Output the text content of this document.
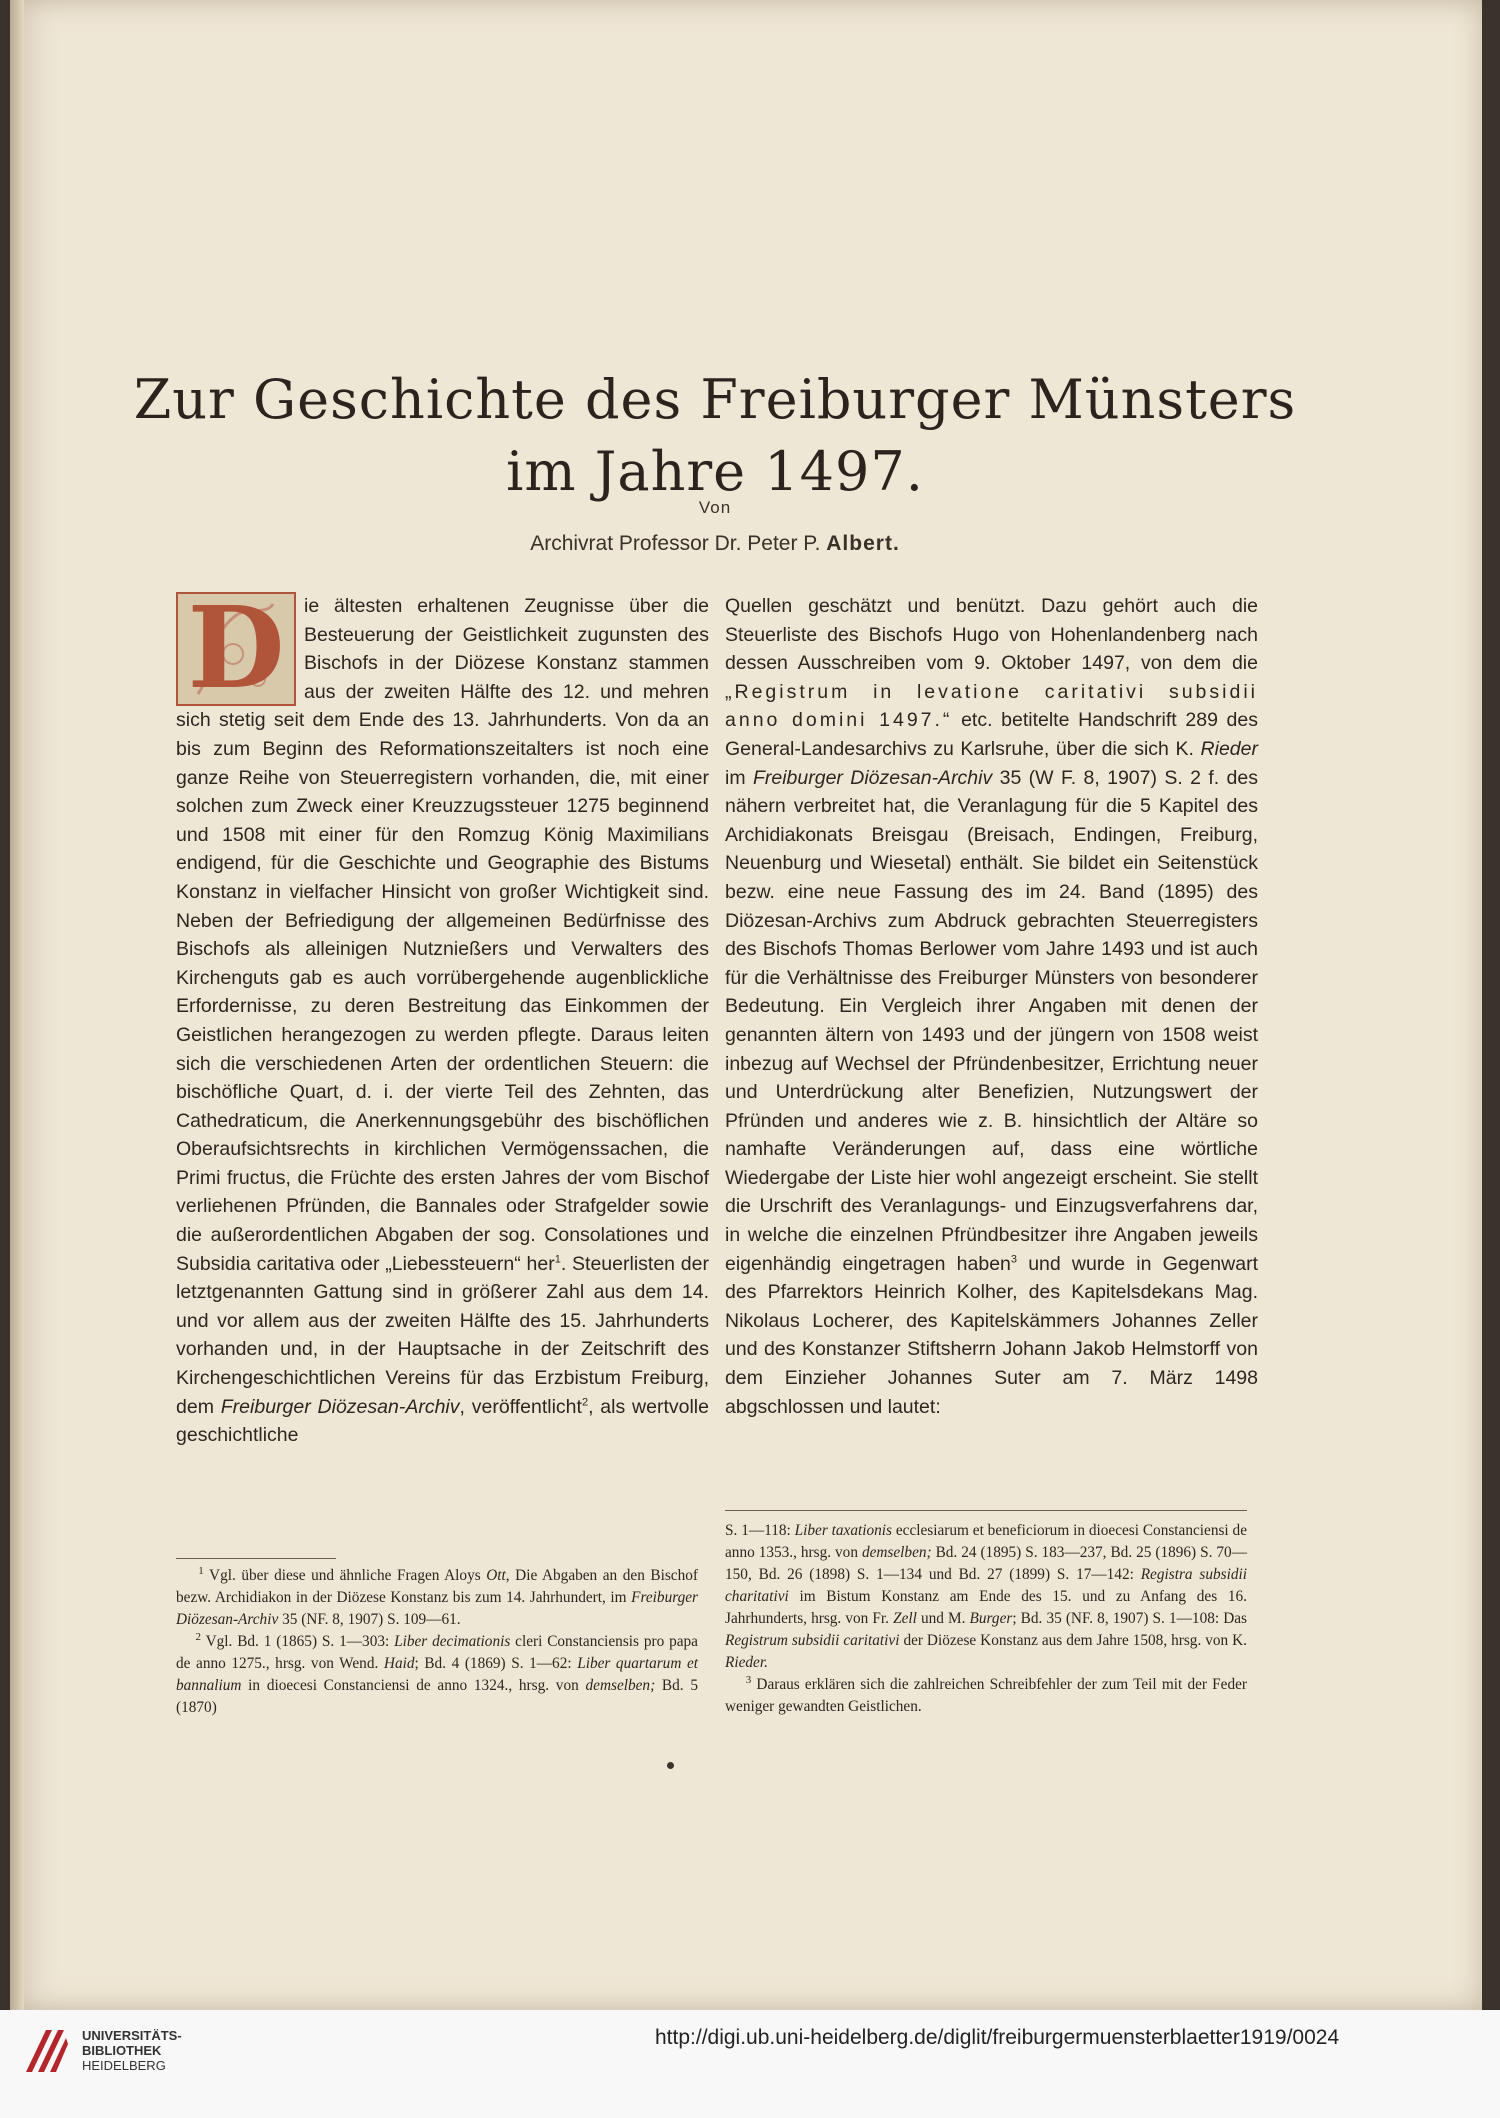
Zur Geschichte des Freiburger Münsters
im Jahre 1497.
Von
Archivrat Professor Dr. Peter P. Albert.

D ie ältesten erhaltenen Zeugnisse über die Besteuerung der Geistlichkeit zugunsten des Bischofs in der Diözese Konstanz stammen aus der zweiten Hälfte des 12. und mehren sich stetig seit dem Ende des 13. Jahrhunderts. Von da an bis zum Beginn des Reformationszeitalters ist noch eine ganze Reihe von Steuerregistern vorhanden, die, mit einer solchen zum Zweck einer Kreuzzugssteuer 1275 beginnend und 1508 mit einer für den Romzug König Maximilians endigend, für die Geschichte und Geographie des Bistums Konstanz in vielfacher Hinsicht von großer Wichtigkeit sind. Neben der Befriedigung der allgemeinen Bedürfnisse des Bischofs als alleinigen Nutznießers und Verwalters des Kirchenguts gab es auch vorrübergehende augenblickliche Erfordernisse, zu deren Bestreitung das Einkommen der Geistlichen herangezogen zu werden pflegte. Daraus leiten sich die verschiedenen Arten der ordentlichen Steuern: die bischöfliche Quart, d. i. der vierte Teil des Zehnten, das Cathedraticum, die Anerkennungsgebühr des bischöflichen Oberaufsichtsrechts in kirchlichen Vermögenssachen, die Primi fructus, die Früchte des ersten Jahres der vom Bischof verliehenen Pfründen, die Bannales oder Strafgelder sowie die außerordentlichen Abgaben der sog. Consolationes und Subsidia caritativa oder „Liebessteuern“ her$^1$. Steuerlisten der letztgenannten Gattung sind in größerer Zahl aus dem 14. und vor allem aus der zweiten Hälfte des 15. Jahrhunderts vorhanden und, in der Hauptsache in der Zeitschrift des Kirchengeschichtlichen Vereins für das Erzbistum Freiburg, dem Freiburger Diözesan-Archiv, veröffentlicht$^2$, als wertvolle geschichtliche

Quellen geschätzt und benützt. Dazu gehört auch die Steuerliste des Bischofs Hugo von Hohenlandenberg nach dessen Ausschreiben vom 9. Oktober 1497, von dem die „Registrum in levatione caritativi subsidii anno domini 1497.“ etc. betitelte Handschrift 289 des General-Landesarchivs zu Karlsruhe, über die sich K. Rieder im Freiburger Diözesan-Archiv 35 (W F. 8, 1907) S. 2 f. des nähern verbreitet hat, die Veranlagung für die 5 Kapitel des Archidiakonats Breisgau (Breisach, Endingen, Freiburg, Neuenburg und Wiesetal) enthält. Sie bildet ein Seitenstück bezw. eine neue Fassung des im 24. Band (1895) des Diözesan-Archivs zum Abdruck gebrachten Steuerregisters des Bischofs Thomas Berlower vom Jahre 1493 und ist auch für die Verhältnisse des Freiburger Münsters von besonderer Bedeutung. Ein Vergleich ihrer Angaben mit denen der genannten ältern von 1493 und der jüngern von 1508 weist inbezug auf Wechsel der Pfründenbesitzer, Errichtung neuer und Unterdrückung alter Benefizien, Nutzungswert der Pfründen und anderes wie z. B. hinsichtlich der Altäre so namhafte Veränderungen auf, dass eine wörtliche Wiedergabe der Liste hier wohl angezeigt erscheint. Sie stellt die Urschrift des Veranlagungs- und Einzugsverfahrens dar, in welche die einzelnen Pfründbesitzer ihre Angaben jeweils eigenhändig eingetragen haben$^3$ und wurde in Gegenwart des Pfarrektors Heinrich Kolher, des Kapitelsdekans Mag. Nikolaus Locherer, des Kapitelskämmers Johannes Zeller und des Konstanzer Stiftsherrn Johann Jakob Helmstorff von dem Einzieher Johannes Suter am 7. März 1498 abgschlossen und lautet:

$^1$ Vgl. über diese und ähnliche Fragen Aloys Ott, Die Abgaben an den Bischof bezw. Archidiakon in der Diözese Konstanz bis zum 14. Jahrhundert, im Freiburger Diözesan-Archiv 35 (NF. 8, 1907) S. 109—61.

$^2$ Vgl. Bd. 1 (1865) S. 1—303: Liber decimationis cleri Constanciensis pro papa de anno 1275., hrsg. von Wend. Haid; Bd. 4 (1869) S. 1—62: Liber quartarum et bannalium in dioecesi Constanciensi de anno 1324., hrsg. von demselben; Bd. 5 (1870)

S. 1—118: Liber taxationis ecclesiarum et beneficiorum in dioecesi Constanciensi de anno 1353., hrsg. von demselben; Bd. 24 (1895) S. 183—237, Bd. 25 (1896) S. 70—150, Bd. 26 (1898) S. 1—134 und Bd. 27 (1899) S. 17—142: Registra subsidii charitativi im Bistum Konstanz am Ende des 15. und zu Anfang des 16. Jahrhunderts, hrsg. von Fr. Zell und M. Burger; Bd. 35 (NF. 8, 1907) S. 1—108: Das Registrum subsidii caritativi der Diözese Konstanz aus dem Jahre 1508, hrsg. von K. Rieder.

$^3$ Daraus erklären sich die zahlreichen Schreibfehler der zum Teil mit der Feder weniger gewandten Geistlichen.

UNIVERSITÄTS-
BIBLIOTHEK
HEIDELBERG
http://digi.ub.uni-heidelberg.de/diglit/freiburgermuensterblaetter1919/0024
